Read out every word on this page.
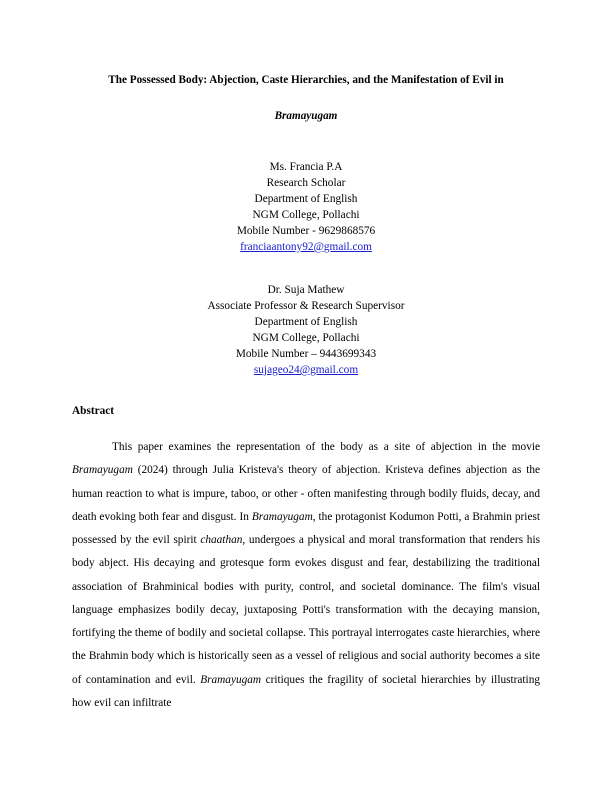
The Possessed Body: Abjection, Caste Hierarchies, and the Manifestation of Evil in
Bramayugam
Ms. Francia P.A
Research Scholar
Department of English
NGM College, Pollachi
Mobile Number - 9629868576
franciaantony92@gmail.com
Dr. Suja Mathew
Associate Professor & Research Supervisor
Department of English
NGM College, Pollachi
Mobile Number – 9443699343
sujageo24@gmail.com
Abstract

This paper examines the representation of the body as a site of abjection in the movie Bramayugam (2024) through Julia Kristeva's theory of abjection. Kristeva defines abjection as the human reaction to what is impure, taboo, or other - often manifesting through bodily fluids, decay, and death evoking both fear and disgust. In Bramayugam, the protagonist Kodumon Potti, a Brahmin priest possessed by the evil spirit chaathan, undergoes a physical and moral transformation that renders his body abject. His decaying and grotesque form evokes disgust and fear, destabilizing the traditional association of Brahminical bodies with purity, control, and societal dominance. The film's visual language emphasizes bodily decay, juxtaposing Potti's transformation with the decaying mansion, fortifying the theme of bodily and societal collapse. This portrayal interrogates caste hierarchies, where the Brahmin body which is historically seen as a vessel of religious and social authority becomes a site of contamination and evil. Bramayugam critiques the fragility of societal hierarchies by illustrating how evil can infiltrate
